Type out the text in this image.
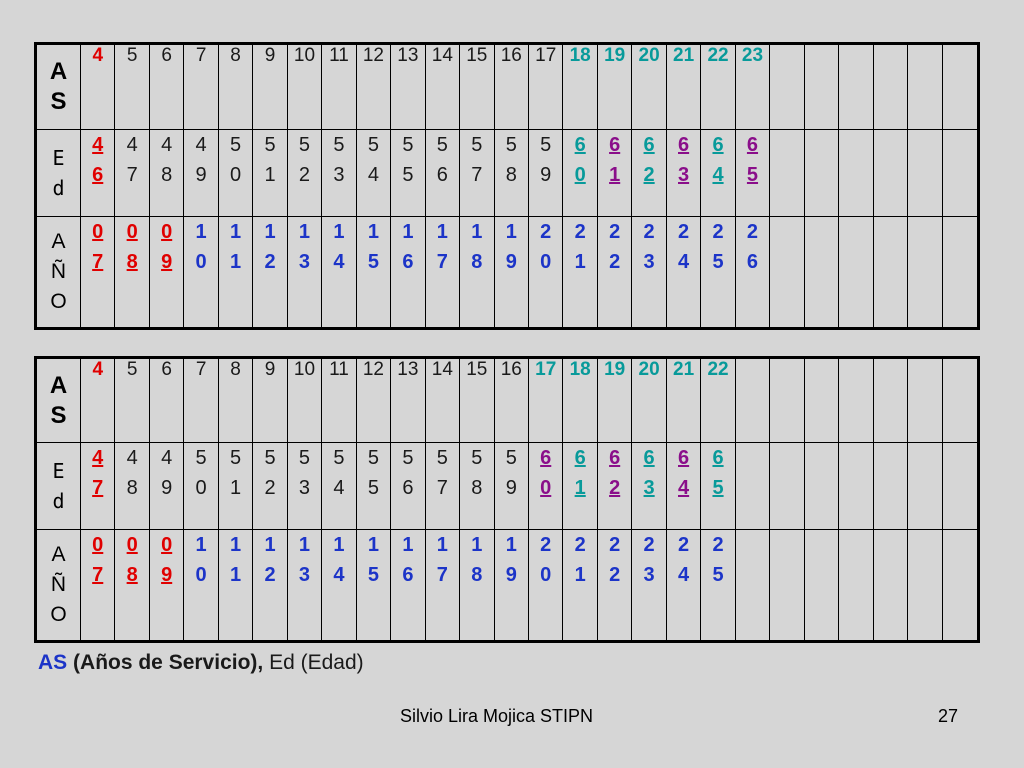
A
S
4 5 6 7 8 9 10 11 12 13 14 15 16 17 18 19 20 21 22 23
E
d
4
6
4
7
4
8
4
9
5
0
5
1
5
2
5
3
5
4
5
5
5
6
5
7
5
8
5
9
6
0
6
1
6
2
6
3
6
4
6
5
A
Ñ
O
0
7
0
8
0
9
1
0
1
1
1
2
1
3
1
4
1
5
1
6
1
7
1
8
1
9
2
0
2
1
2
2
2
3
2
4
2
5
2
6
A
S
4 5 6 7 8 9 10 11 12 13 14 15 16 17 18 19 20 21 22
E
d
4
7
4
8
4
9
5
0
5
1
5
2
5
3
5
4
5
5
5
6
5
7
5
8
5
9
6
0
6
1
6
2
6
3
6
4
6
5
A
Ñ
O
0
7
0
8
0
9
1
0
1
1
1
2
1
3
1
4
1
5
1
6
1
7
1
8
1
9
2
0
2
1
2
2
2
3
2
4
2
5
AS (Años de Servicio), Ed (Edad)
Silvio Lira Mojica STIPN	27
